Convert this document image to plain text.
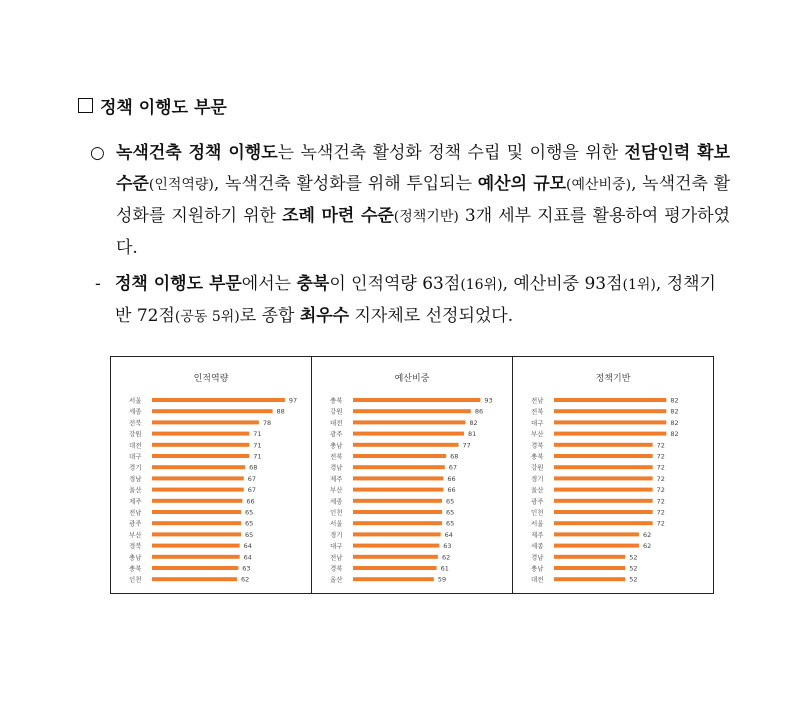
정책 이행도 부문
○ 녹색건축 정책 이행도는 녹색건축 활성화 정책 수립 및 이행을 위한 전담인력 확보 수준(인적역량), 녹색건축 활성화를 위해 투입되는 예산의 규모(예산비중), 녹색건축 활성화를 지원하기 위한 조례 마련 수준(정책기반) 3개 세부 지표를 활용하여 평가하였다.
- 정책 이행도 부문에서는 충북이 인적역량 63점(16위), 예산비중 93점(1위), 정책기반 72점(공동 5위)로 종합 최우수 지자체로 선정되었다.
인적역량
서울	97
세종	88
전북	78
강원	71
대전	71
대구	71
경기	68
경남	67
울산	67
제주	66
전남	65
광주	65
부산	65
경북	64
충남	64
충북	63
인천	62
예산비중
충북	93
강원	86
대전	82
광주	81
충남	77
전북	68
경남	67
제주	66
부산	66
세종	65
인천	65
서울	65
경기	64
대구	63
전남	62
경북	61
울산	59
정책기반
전남	82
전북	82
대구	82
부산	82
경북	72
충북	72
강원	72
경기	72
울산	72
광주	72
인천	72
서울	72
제주	62
세종	62
경남	52
충남	52
대전	52
